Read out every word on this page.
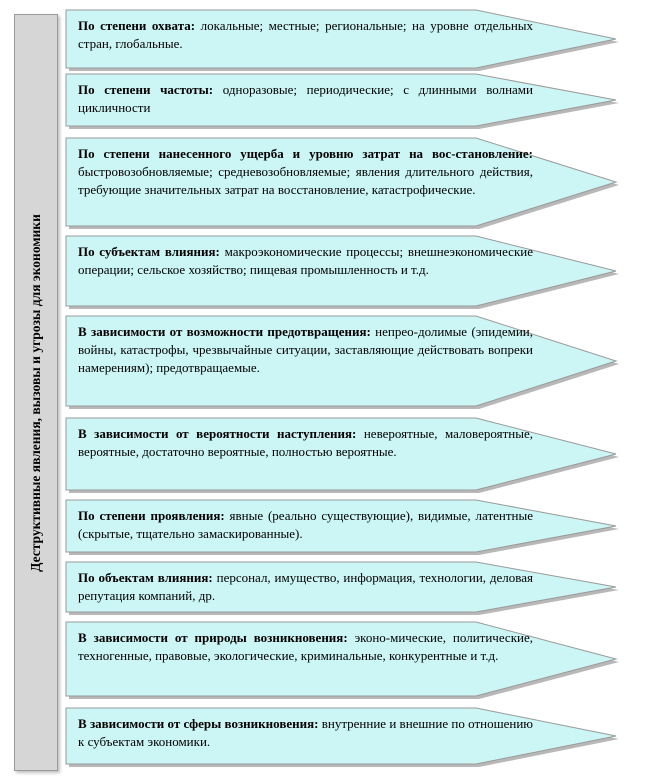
Деструктивные явления, вызовы и угрозы для экономики
По степени охвата: локальные; местные; региональные; на уровне отдельных стран, глобальные.
По степени частоты: одноразовые; периодические; с длинными волнами цикличности
По степени нанесенного ущерба и уровню затрат на вос-становление: быстровозобновляемые; средневозобновляемые; явления длительного действия, требующие значительных затрат на восстановление, катастрофические.
По субъектам влияния: макроэкономические процессы; внешнеэкономические операции; сельское хозяйство; пищевая промышленность и т.д.
В зависимости от возможности предотвращения: непрео-долимые (эпидемии, войны, катастрофы, чрезвычайные ситуации, заставляющие действовать вопреки намерениям); предотвращаемые.
В зависимости от вероятности наступления: невероятные, маловероятные, вероятные, достаточно вероятные, полностью вероятные.
По степени проявления: явные (реально существующие), видимые, латентные (скрытые, тщательно замаскированные).
По объектам влияния: персонал, имущество, информация, технологии, деловая репутация компаний, др.
В зависимости от природы возникновения: эконо-мические, политические, техногенные, правовые, экологические, криминальные, конкурентные и т.д.
В зависимости от сферы возникновения: внутренние и внешние по отношению к субъектам экономики.
